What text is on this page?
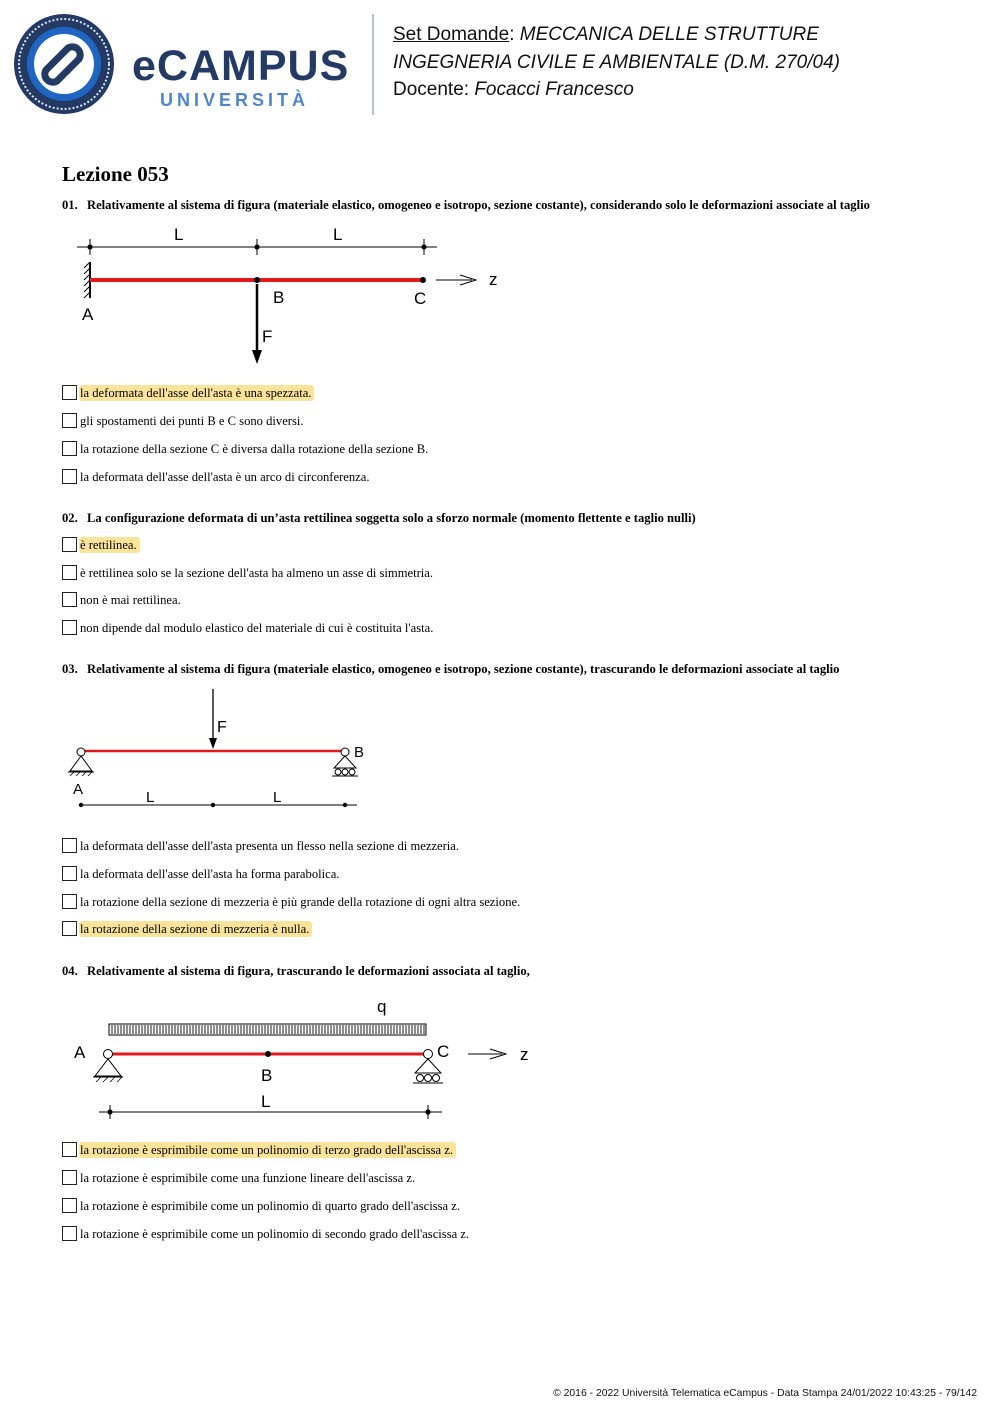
eCAMPUS
UNIVERSITÀ
Set Domande: MECCANICA DELLE STRUTTURE
INGEGNERIA CIVILE E AMBIENTALE (D.M. 270/04)
Docente: Focacci Francesco
Lezione 053
01. Relativamente al sistema di figura (materiale elastico, omogeneo e isotropo, sezione costante), considerando solo le deformazioni associate al taglio
L	L
z
A
B	C
F
la deformata dell'asse dell'asta è una spezzata.
gli spostamenti dei punti B e C sono diversi.
la rotazione della sezione C è diversa dalla rotazione della sezione B.
la deformata dell'asse dell'asta è un arco di circonferenza.
02. La configurazione deformata di un’asta rettilinea soggetta solo a sforzo normale (momento flettente e taglio nulli)
è rettilinea.
è rettilinea solo se la sezione dell'asta ha almeno un asse di simmetria.
non è mai rettilinea.
non dipende dal modulo elastico del materiale di cui è costituita l'asta.
03. Relativamente al sistema di figura (materiale elastico, omogeneo e isotropo, sezione costante), trascurando le deformazioni associate al taglio
F
A
B
L	L
la deformata dell'asse dell'asta presenta un flesso nella sezione di mezzeria.
la deformata dell'asse dell'asta ha forma parabolica.
la rotazione della sezione di mezzeria è più grande della rotazione di ogni altra sezione.
la rotazione della sezione di mezzeria è nulla.
04. Relativamente al sistema di figura, trascurando le deformazioni associata al taglio,
q
A
B
C	z
L
la rotazione è esprimibile come un polinomio di terzo grado dell'ascissa z.
la rotazione è esprimibile come una funzione lineare dell'ascissa z.
la rotazione è esprimibile come un polinomio di quarto grado dell'ascissa z.
la rotazione è esprimibile come un polinomio di secondo grado dell'ascissa z.
© 2016 - 2022 Università Telematica eCampus - Data Stampa 24/01/2022 10:43:25 - 79/142
